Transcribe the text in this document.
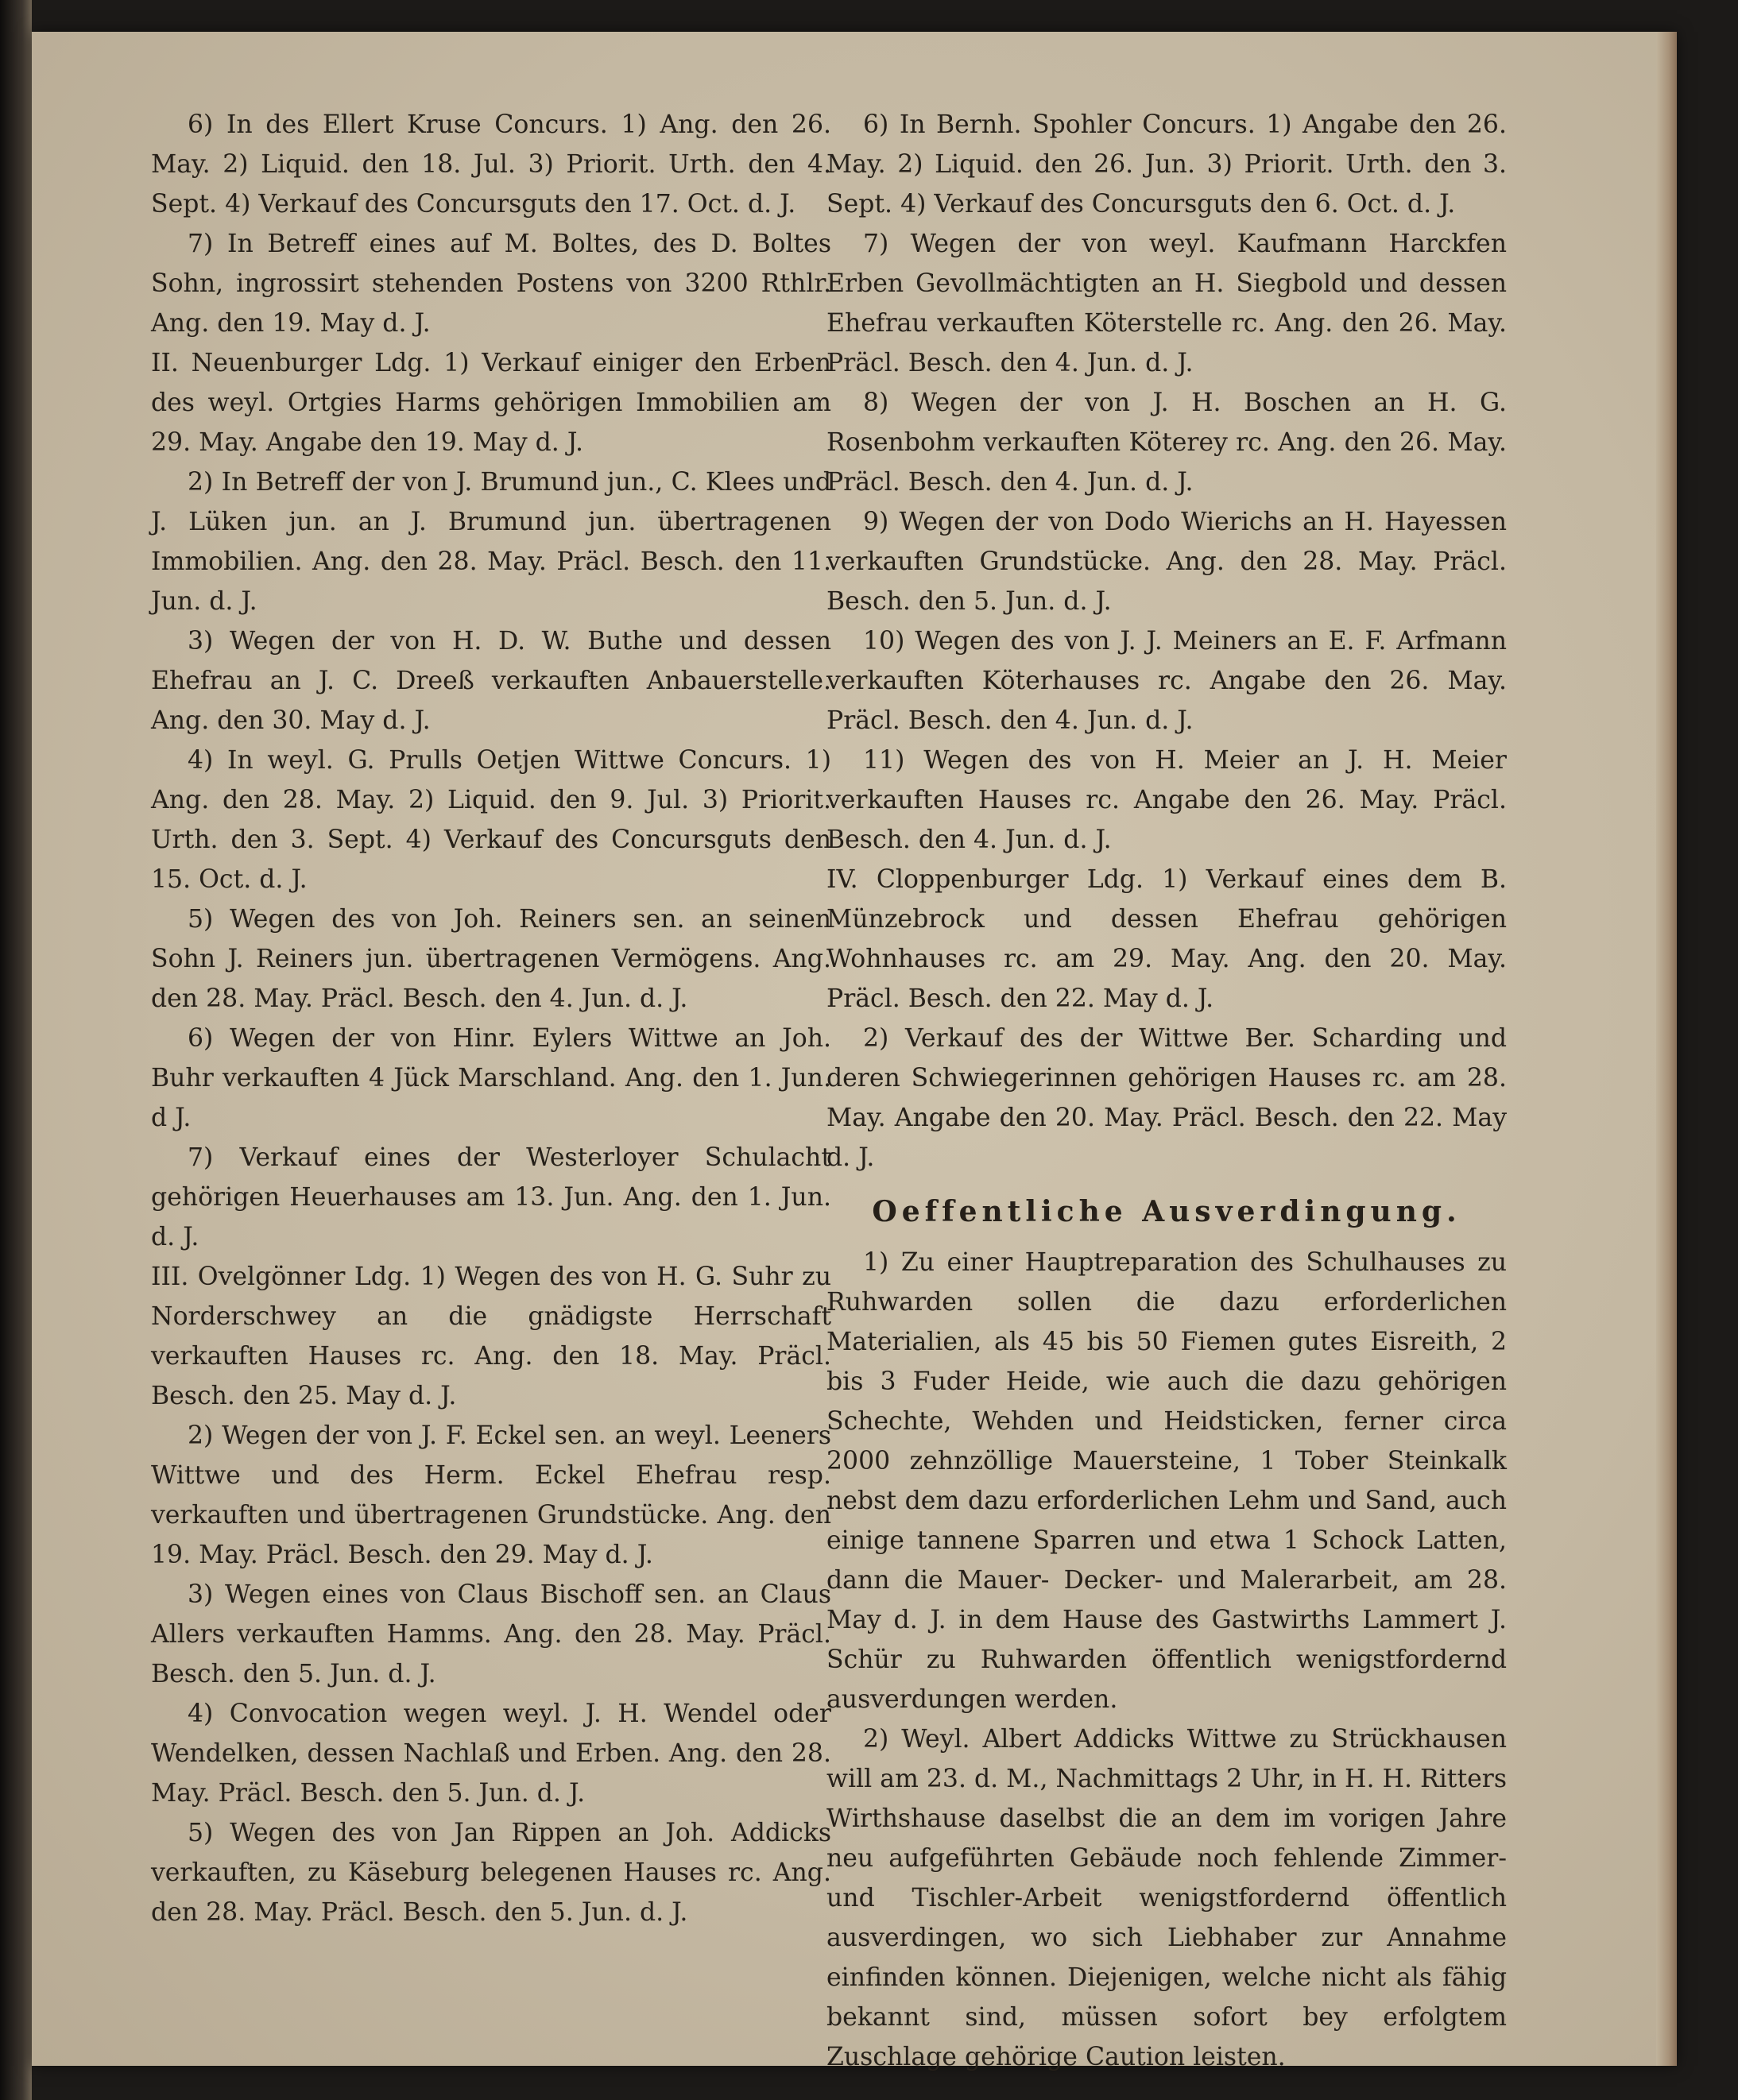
6) In des Ellert Kruse Concurs. 1) Ang. den 26. May. 2) Liquid. den 18. Jul. 3) Priorit. Urth. den 4. Sept. 4) Verkauf des Concursguts den 17. Oct. d. J.

7) In Betreff eines auf M. Boltes, des D. Boltes Sohn, ingrossirt stehenden Postens von 3200 Rthlr. Ang. den 19. May d. J.

II. Neuenburger Ldg. 1) Verkauf einiger den Erben des weyl. Ortgies Harms gehörigen Immobilien am 29. May. Angabe den 19. May d. J.

2) In Betreff der von J. Brumund jun., C. Klees und J. Lüken jun. an J. Brumund jun. übertragenen Immobilien. Ang. den 28. May. Präcl. Besch. den 11. Jun. d. J.

3) Wegen der von H. D. W. Buthe und dessen Ehefrau an J. C. Dreeß verkauften Anbauerstelle. Ang. den 30. May d. J.

4) In weyl. G. Prulls Oetjen Wittwe Concurs. 1) Ang. den 28. May. 2) Liquid. den 9. Jul. 3) Priorit. Urth. den 3. Sept. 4) Verkauf des Concursguts den 15. Oct. d. J.

5) Wegen des von Joh. Reiners sen. an seinen Sohn J. Reiners jun. übertragenen Vermögens. Ang. den 28. May. Präcl. Besch. den 4. Jun. d. J.

6) Wegen der von Hinr. Eylers Wittwe an Joh. Buhr verkauften 4 Jück Marschland. Ang. den 1. Jun. d J.

7) Verkauf eines der Westerloyer Schulacht gehörigen Heuerhauses am 13. Jun. Ang. den 1. Jun. d. J.

III. Ovelgönner Ldg. 1) Wegen des von H. G. Suhr zu Norderschwey an die gnädigste Herrschaft verkauften Hauses rc. Ang. den 18. May. Präcl. Besch. den 25. May d. J.

2) Wegen der von J. F. Eckel sen. an weyl. Leeners Wittwe und des Herm. Eckel Ehefrau resp. verkauften und übertragenen Grundstücke. Ang. den 19. May. Präcl. Besch. den 29. May d. J.

3) Wegen eines von Claus Bischoff sen. an Claus Allers verkauften Hamms. Ang. den 28. May. Präcl. Besch. den 5. Jun. d. J.

4) Convocation wegen weyl. J. H. Wendel oder Wendelken, dessen Nachlaß und Erben. Ang. den 28. May. Präcl. Besch. den 5. Jun. d. J.

5) Wegen des von Jan Rippen an Joh. Addicks verkauften, zu Käseburg belegenen Hauses rc. Ang. den 28. May. Präcl. Besch. den 5. Jun. d. J.

6) In Bernh. Spohler Concurs. 1) Angabe den 26. May. 2) Liquid. den 26. Jun. 3) Priorit. Urth. den 3. Sept. 4) Verkauf des Concursguts den 6. Oct. d. J.

7) Wegen der von weyl. Kaufmann Harckfen Erben Gevollmächtigten an H. Siegbold und dessen Ehefrau verkauften Köterstelle rc. Ang. den 26. May. Präcl. Besch. den 4. Jun. d. J.

8) Wegen der von J. H. Boschen an H. G. Rosenbohm verkauften Köterey rc. Ang. den 26. May. Präcl. Besch. den 4. Jun. d. J.

9) Wegen der von Dodo Wierichs an H. Hayessen verkauften Grundstücke. Ang. den 28. May. Präcl. Besch. den 5. Jun. d. J.

10) Wegen des von J. J. Meiners an E. F. Arfmann verkauften Köterhauses rc. Angabe den 26. May. Präcl. Besch. den 4. Jun. d. J.

11) Wegen des von H. Meier an J. H. Meier verkauften Hauses rc. Angabe den 26. May. Präcl. Besch. den 4. Jun. d. J.

IV. Cloppenburger Ldg. 1) Verkauf eines dem B. Münzebrock und dessen Ehefrau gehörigen Wohnhauses rc. am 29. May. Ang. den 20. May. Präcl. Besch. den 22. May d. J.

2) Verkauf des der Wittwe Ber. Scharding und deren Schwiegerinnen gehörigen Hauses rc. am 28. May. Angabe den 20. May. Präcl. Besch. den 22. May d. J.

Oeffentliche Ausverdingung.

1) Zu einer Hauptreparation des Schulhauses zu Ruhwarden sollen die dazu erforderlichen Materialien, als 45 bis 50 Fiemen gutes Eisreith, 2 bis 3 Fuder Heide, wie auch die dazu gehörigen Schechte, Wehden und Heidsticken, ferner circa 2000 zehnzöllige Mauersteine, 1 Tober Steinkalk nebst dem dazu erforderlichen Lehm und Sand, auch einige tannene Sparren und etwa 1 Schock Latten, dann die Mauer- Decker- und Malerarbeit, am 28. May d. J. in dem Hause des Gastwirths Lammert J. Schür zu Ruhwarden öffentlich wenigstfordernd ausverdungen werden.

2) Weyl. Albert Addicks Wittwe zu Strückhausen will am 23. d. M., Nachmittags 2 Uhr, in H. H. Ritters Wirthshause daselbst die an dem im vorigen Jahre neu aufgeführten Gebäude noch fehlende Zimmer- und Tischler-Arbeit wenigstfordernd öffentlich ausverdingen, wo sich Liebhaber zur Annahme einfinden können. Diejenigen, welche nicht als fähig bekannt sind, müssen sofort bey erfolgtem Zuschlage gehörige Caution leisten.
